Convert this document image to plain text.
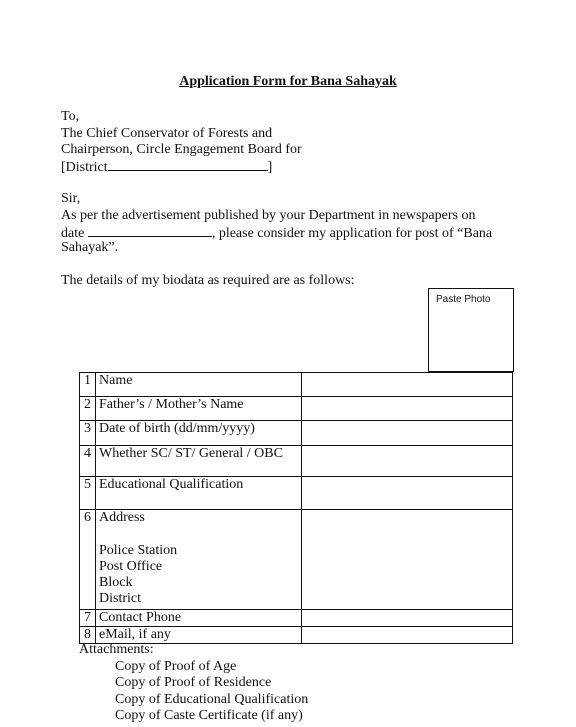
Application Form for Bana Sahayak
To,
The Chief Conservator of Forests and
Chairperson, Circle Engagement Board for
[District	]
Sir,
As per the advertisement published by your Department in newspapers on
date	, please consider my application for post of “Bana
Sahayak”.
The details of my biodata as required are as follows:
Paste Photo
1	Name	
2	Father’s / Mother’s Name	
3	Date of birth (dd/mm/yyyy)	
4	Whether SC/ ST/ General / OBC	
5	Educational Qualification	
6	Address
Police Station
Post Office
Block
District	

7	Contact Phone	
8	eMail, if any	
Attachments:
Copy of Proof of Age
Copy of Proof of Residence
Copy of Educational Qualification
Copy of Caste Certificate (if any)
